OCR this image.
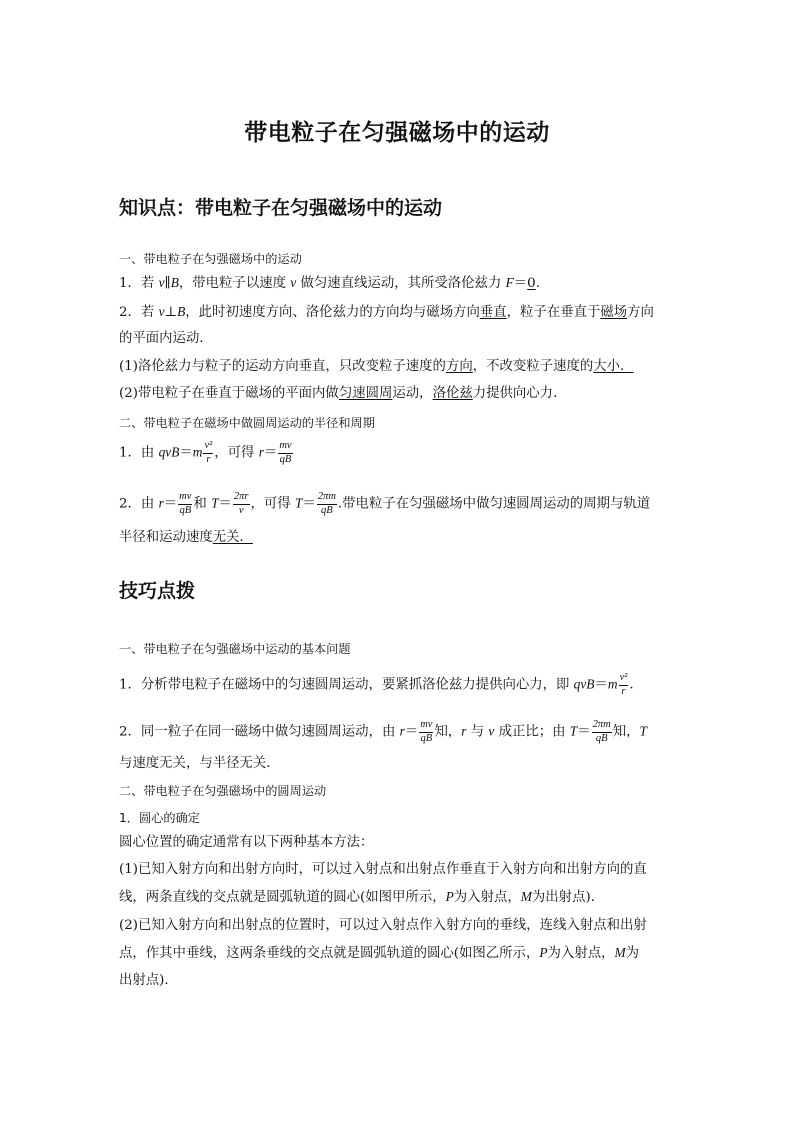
带电粒子在匀强磁场中的运动
知识点：带电粒子在匀强磁场中的运动
一、带电粒子在匀强磁场中的运动
1．若 v∥B，带电粒子以速度 v 做匀速直线运动，其所受洛伦兹力 F＝0.
2．若 v⊥B，此时初速度方向、洛伦兹力的方向均与磁场方向垂直，粒子在垂直于磁场方向
的平面内运动．
(1)洛伦兹力与粒子的运动方向垂直，只改变粒子速度的方向，不改变粒子速度的大小．
(2)带电粒子在垂直于磁场的平面内做匀速圆周运动，洛伦兹力提供向心力．
二、带电粒子在磁场中做圆周运动的半径和周期
1．由 $qvB=m \frac{\text{v²}}{r}$ ，可得 $r= \frac{mv}{qB}$
2．由 $r= \frac{mv}{qB}$ 和 $T= \frac{2\pi r}{v}$ ，可得 $T= \frac{2\pi m}{qB}$ .带电粒子在匀强磁场中做匀速圆周运动的周期与轨道
半径和运动速度无关．
技巧点拨
一、带电粒子在匀强磁场中运动的基本问题
1．分析带电粒子在磁场中的匀速圆周运动，要紧抓洛伦兹力提供向心力，即 $qvB=m \frac{\text{v²}}{r}$ .
2．同一粒子在同一磁场中做匀速圆周运动，由 $r= \frac{mv}{qB}$ 知，r 与 v 成正比；由 $T= \frac{2\pi m}{qB}$ 知，T
与速度无关，与半径无关．
二、带电粒子在匀强磁场中的圆周运动
1．圆心的确定
圆心位置的确定通常有以下两种基本方法：
(1)已知入射方向和出射方向时，可以过入射点和出射点作垂直于入射方向和出射方向的直
线，两条直线的交点就是圆弧轨道的圆心(如图甲所示，P为入射点，M为出射点)．
(2)已知入射方向和出射点的位置时，可以过入射点作入射方向的垂线，连线入射点和出射
点，作其中垂线，这两条垂线的交点就是圆弧轨道的圆心(如图乙所示，P为入射点，M为
出射点)．
